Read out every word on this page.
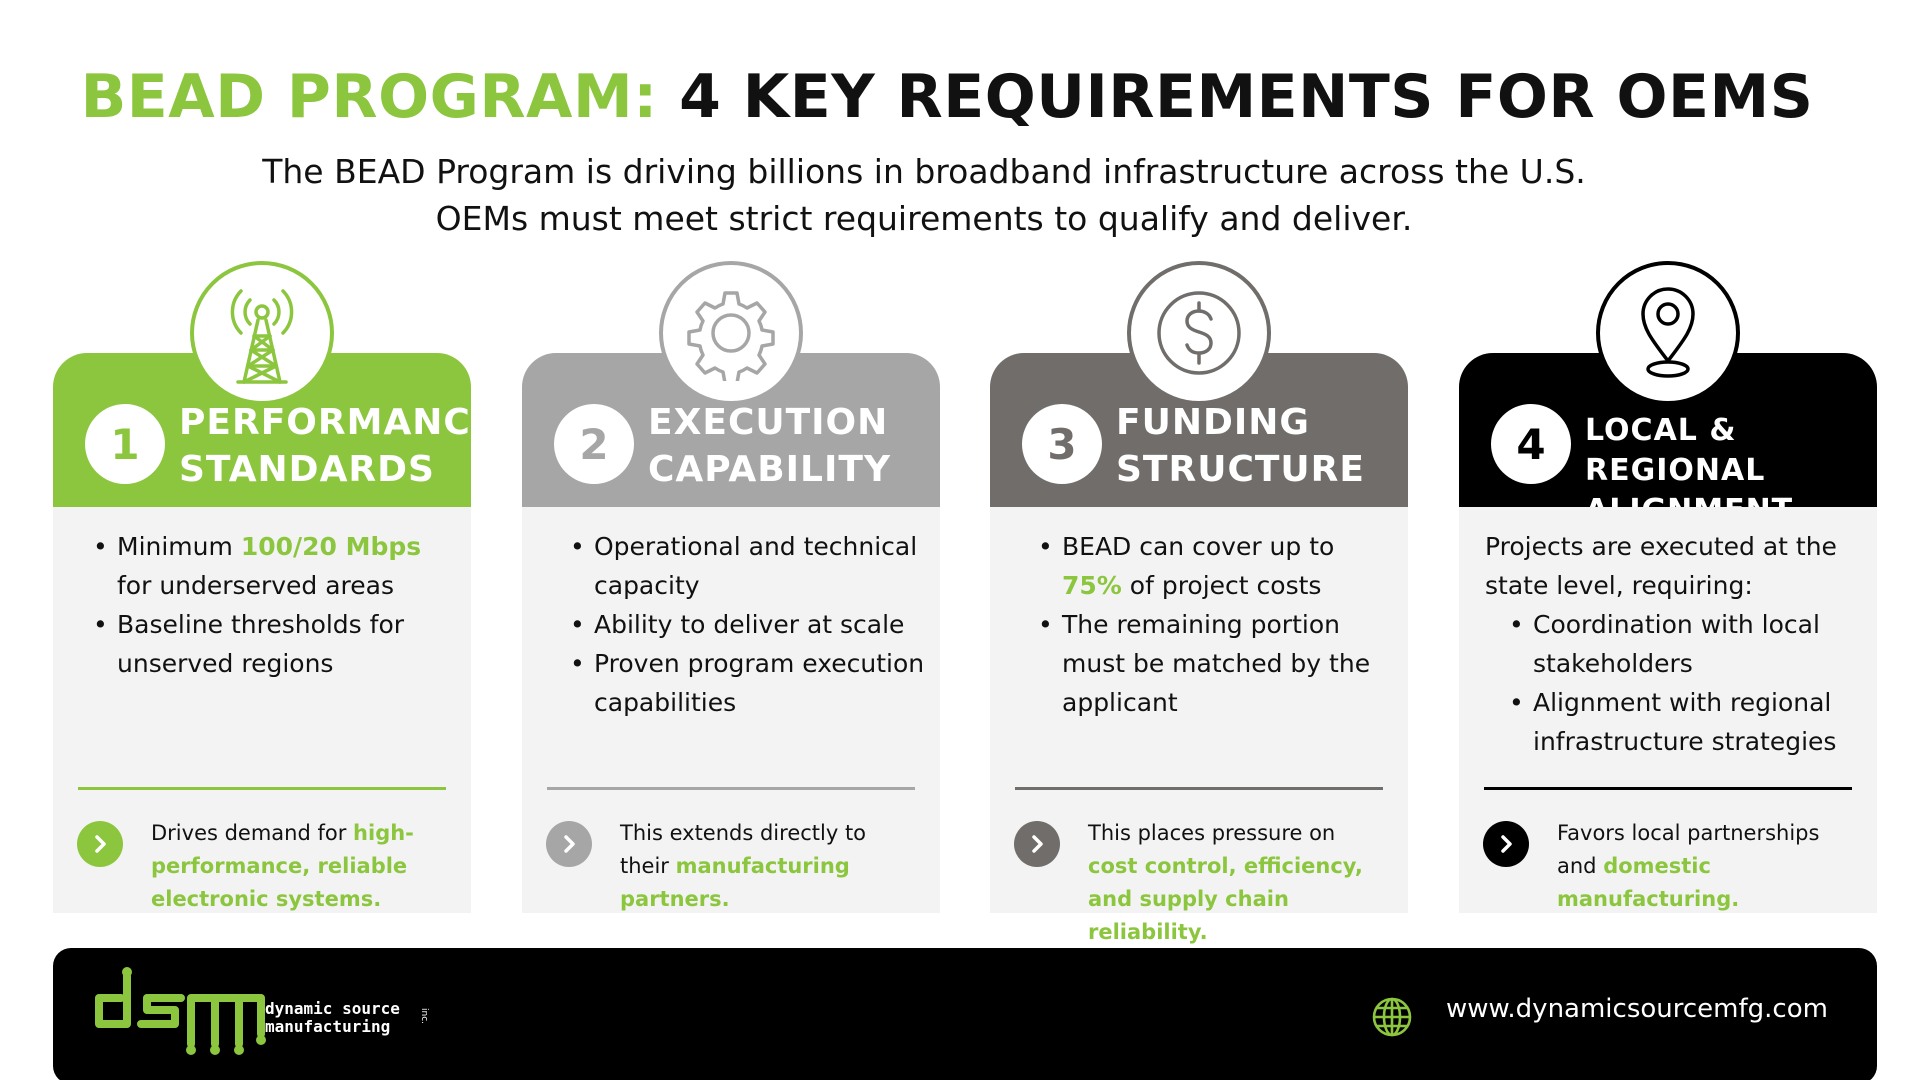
BEAD PROGRAM: 4 KEY REQUIREMENTS FOR OEMS
The BEAD Program is driving billions in broadband infrastructure across the U.S.
OEMs must meet strict requirements to qualify and deliver.
1	PERFORMANCE
STANDARDS
• Minimum 100/20 Mbps for underserved areas
• Baseline thresholds for unserved regions
Drives demand for high-performance, reliable electronic systems.
2	EXECUTION
CAPABILITY
• Operational and technical capacity
• Ability to deliver at scale
• Proven program execution capabilities
This extends directly to their manufacturing partners.
3	FUNDING
STRUCTURE
• BEAD can cover up to 75% of project costs
• The remaining portion must be matched by the applicant
This places pressure on cost control, efficiency, and supply chain reliability.
4	LOCAL & REGIONAL
Projects are executed at the state level, requiring:
• Coordination with local stakeholders
• Alignment with regional infrastructure strategies
Favors local partnerships and domestic manufacturing.
dynamic source
manufacturing
inc.	www.dynamicsourcemfg.com
